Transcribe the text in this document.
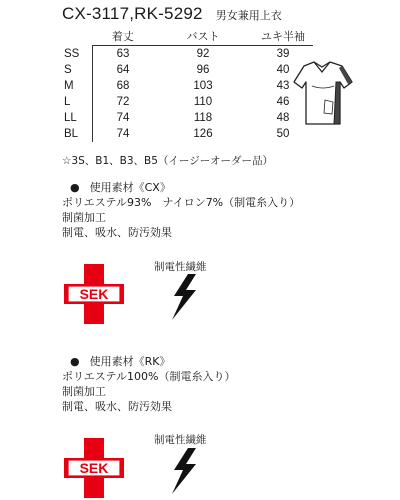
CX-3117,RK-5292 男女兼用上衣
	着丈	バスト	ユキ半袖
SS	63	92	39
S	64	96	40
M	68	103	43
L	72	110	46
LL	74	118	48
BL	74	126	50
☆3S、B1、B3、B5（イージーオーダー品）
● 使用素材《CX》
ポリエステル93%　ナイロン7%（制電糸入り）
制菌加工
制電、吸水、防汚効果
SEK
制電性繊維
● 使用素材《RK》
ポリエステル100%（制電糸入り）
制菌加工
制電、吸水、防汚効果
SEK
制電性繊維
